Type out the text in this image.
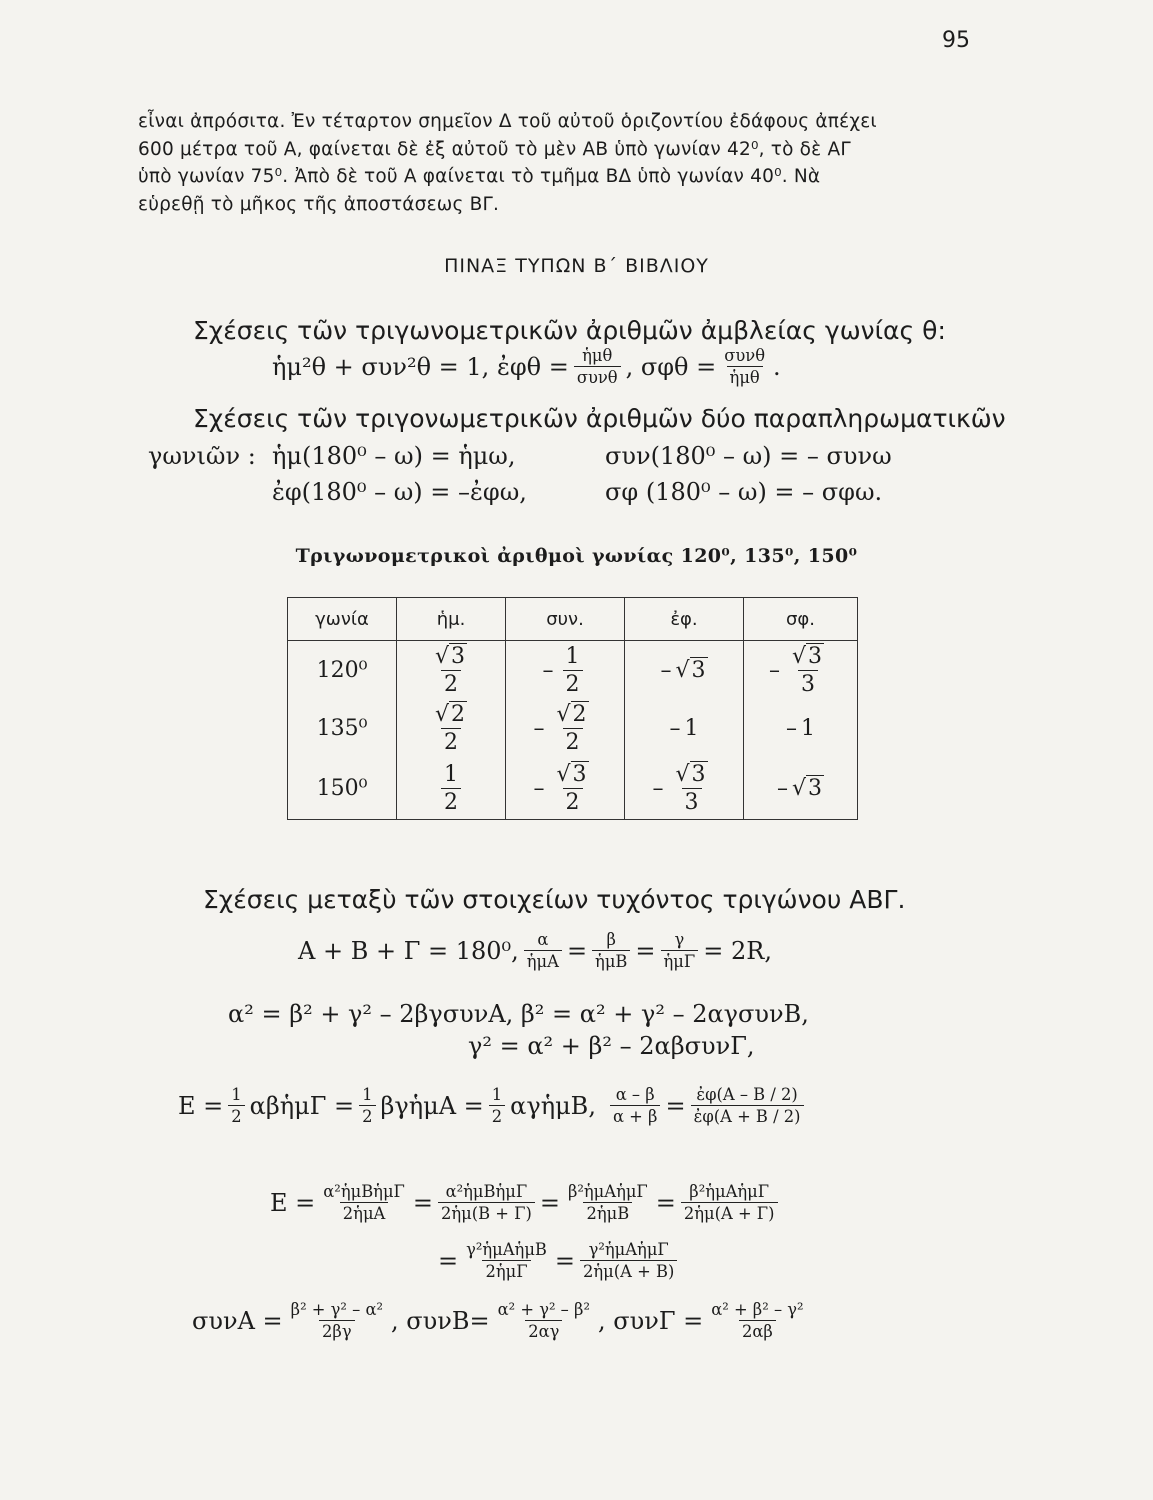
95
εἶναι ἀπρόσιτα. Ἐν τέταρτον σημεῖον Δ τοῦ αὐτοῦ ὁριζοντίου ἐδάφους ἀπέχει
600 μέτρα τοῦ Α, φαίνεται δὲ ἐξ αὐτοῦ τὸ μὲν ΑΒ ὑπὸ γωνίαν 42⁰, τὸ δὲ ΑΓ
ὑπὸ γωνίαν 75⁰. Ἀπὸ δὲ τοῦ Α φαίνεται τὸ τμῆμα ΒΔ ὑπὸ γωνίαν 40⁰. Νὰ
εὑρεθῇ τὸ μῆκος τῆς ἀποστάσεως ΒΓ.
ΠΙΝΑΞ ΤΥΠΩΝ Β΄ ΒΙΒΛΙΟΥ
Σχέσεις τῶν τριγωνομετρικῶν ἀριθμῶν ἀμβλείας γωνίας θ:
ἡμ²θ + συν²θ = 1, ἐφθ = $\frac{\text{ἡμθ}}{\text{συνθ}}$ , $\sigma\varphi\theta = \frac{\text{συνθ}}{\text{ἡμθ}}$ .
Σχέσεις τῶν τριγονωμετρικῶν ἀριθμῶν δύο παραπληρωματικῶν
γωνιῶν : ἡμ(180⁰ – ω) = ἡμω,	συν(180⁰ – ω) = – συνω
ἐφ(180⁰ – ω) = –ἐφω,	σφ (180⁰ – ω) = – σφω.
Τριγωνομετρικοὶ ἀριθμοὶ γωνίας 120⁰, 135⁰, 150⁰
γωνία	ἡμ.	συν.	ἐφ.	σφ.
120⁰	$\frac{√3}{2}$	– $\frac{1}{2}$	– √3	– $\frac{√3}{3}$

135⁰	$\frac{√2}{2}$	– $\frac{√2}{2}$	– 1	– 1

150⁰	$\frac{1}{2}$	– $\frac{√3}{2}$	– $\frac{√3}{3}$	– √3
Σχέσεις μεταξὺ τῶν στοιχείων τυχόντος τριγώνου ΑΒΓ.
Α + Β + Γ = 180⁰, $\frac{\alpha}{\text{ἡμΑ}} = \frac{\beta}{\text{ἡμΒ}} = \frac{\gamma}{\text{ἡμΓ}} = 2R$,
α² = β² + γ² – 2βγσυνΑ, β² = α² + γ² – 2αγσυνΒ,
γ² = α² + β² – 2αβσυνΓ,
$E = \frac{1}{2}$ αβἡμΓ = $\frac{1}{2}$ βγἡμΑ = $\frac{1}{2}$ αγἡμΒ, $\frac{\alpha - \beta}{\alpha + \beta} = \frac{\text{ἐφ(Α – Β / 2)}}{\text{ἐφ(Α + Β / 2)}}$
$E = \frac{\text{α²ἡμΒἡμΓ}}{\text{2ἡμΑ}} = \frac{\text{α²ἡμΒἡμΓ}}{\text{2ἡμ(Β + Γ)}} = \frac{\text{β²ἡμΑἡμΓ}}{\text{2ἡμΒ}} = \frac{\text{β²ἡμΑἡμΓ}}{\text{2ἡμ(Α + Γ)}}$
= $\frac{\text{γ²ἡμΑἡμΒ}}{\text{2ἡμΓ}} = \frac{\text{γ²ἡμΑἡμΓ}}{\text{2ἡμ(Α + Β)}}$
$\sigma\upsilon\nu A = \frac{\text{β² + γ² – α²}}{2\beta\gamma}$ , $\sigma\upsilon\nu B = \frac{\text{α² + γ² – β²}}{2\alpha\gamma}$ , $\sigma\upsilon\nu\Gamma = \frac{\text{α² + β² – γ²}}{2\alpha\beta}$
